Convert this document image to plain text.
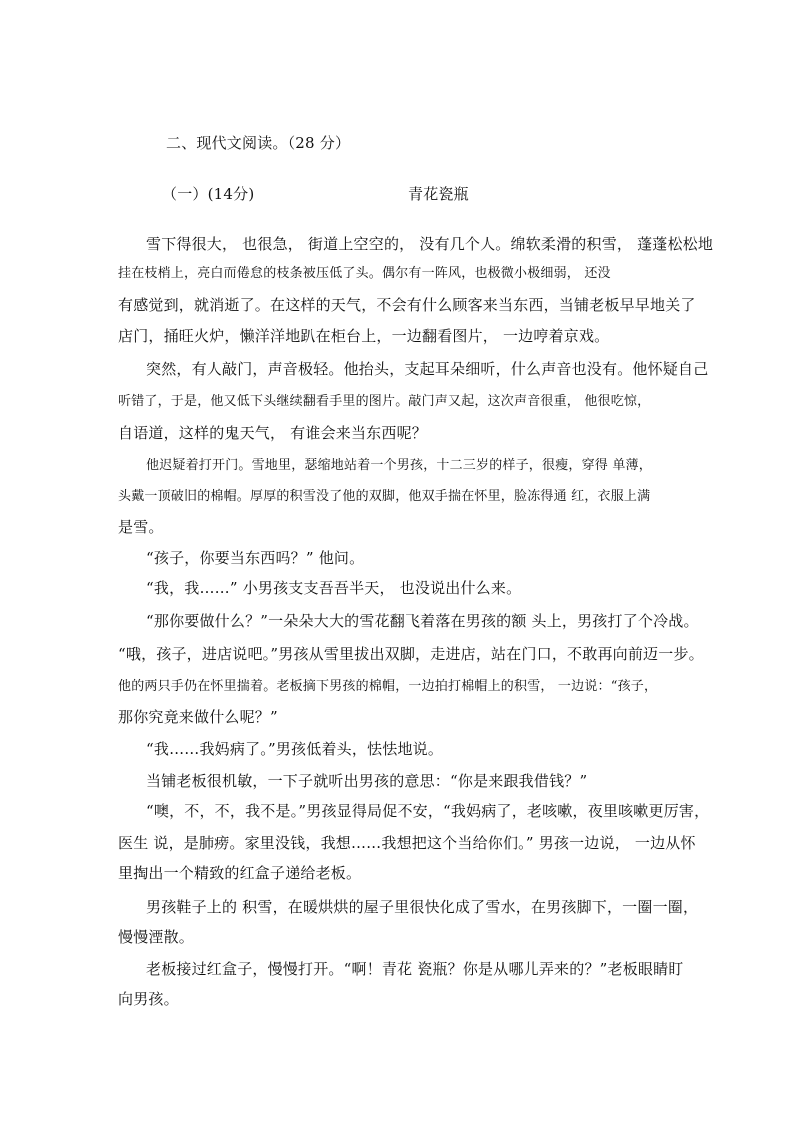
二、现代文阅读。（28 分）
（一）(14分)	青花瓷瓶
雪下得很大， 也很急， 街道上空空的， 没有几个人。绵软柔滑的积雪， 蓬蓬松松地
挂在枝梢上，亮白而倦怠的枝条被压低了头。偶尔有一阵风，也极微小极细弱， 还没
有感觉到，就消逝了。在这样的天气，不会有什么顾客来当东西，当铺老板早早地关了
店门，捅旺火炉，懒洋洋地趴在柜台上，一边翻看图片， 一边哼着京戏。
突然，有人敲门，声音极轻。他抬头，支起耳朵细听，什么声音也没有。他怀疑自己
听错了，于是，他又低下头继续翻看手里的图片。敲门声又起，这次声音很重， 他很吃惊，
自语道，这样的鬼天气， 有谁会来当东西呢？
他迟疑着打开门。雪地里，瑟缩地站着一个男孩，十二三岁的样子，很瘦，穿得 单薄，
头戴一顶破旧的棉帽。厚厚的积雪没了他的双脚，他双手揣在怀里，脸冻得通 红，衣服上满
是雪。
“孩子，你要当东西吗？” 他问。
“我，我……” 小男孩支支吾吾半天， 也没说出什么来。
“那你要做什么？”一朵朵大大的雪花翻飞着落在男孩的额 头上，男孩打了个冷战。
“哦，孩子，进店说吧。”男孩从雪里拔出双脚，走进店，站在门口，不敢再向前迈一步。
他的两只手仍在怀里揣着。老板摘下男孩的棉帽，一边拍打棉帽上的积雪， 一边说：“孩子，
那你究竟来做什么呢？”
“我……我妈病了。”男孩低着头，怯怯地说。
当铺老板很机敏，一下子就听出男孩的意思：“你是来跟我借钱？”
“噢，不，不，我不是。”男孩显得局促不安，“我妈病了，老咳嗽，夜里咳嗽更厉害，
医生 说，是肺痨。家里没钱，我想……我想把这个当给你们。” 男孩一边说， 一边从怀
里掏出一个精致的红盒子递给老板。
男孩鞋子上的 积雪，在暖烘烘的屋子里很快化成了雪水，在男孩脚下，一圈一圈，
慢慢湮散。
老板接过红盒子，慢慢打开。“啊！青花 瓷瓶？你是从哪儿弄来的？”老板眼睛盯
向男孩。
